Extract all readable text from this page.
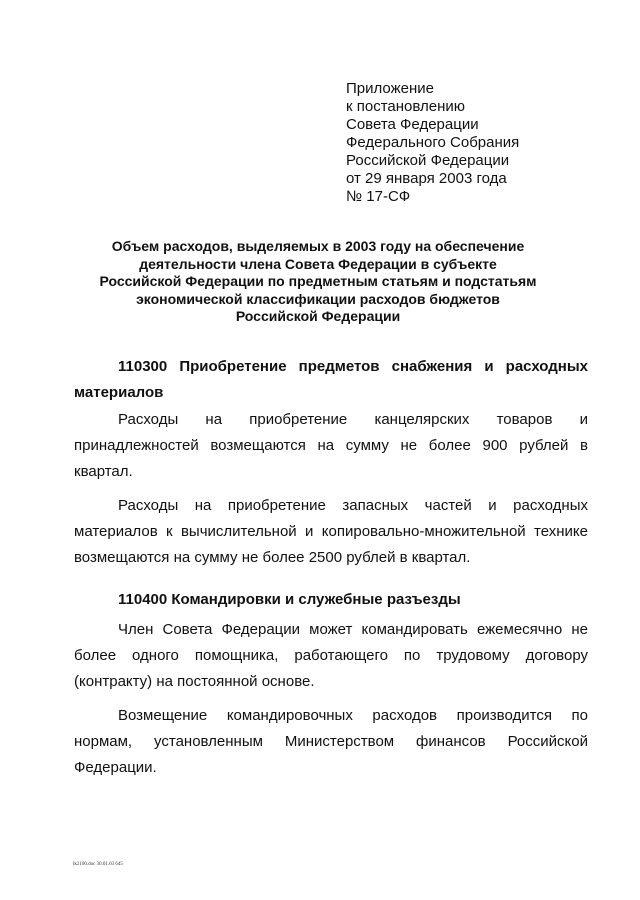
Приложение
к постановлению
Совета Федерации
Федерального Собрания
Российской Федерации
от 29 января 2003 года
№ 17-СФ
Объем расходов, выделяемых в 2003 году на обеспечение
деятельности члена Совета Федерации в субъекте
Российской Федерации по предметным статьям и подстатьям
экономической классификации расходов бюджетов
Российской Федерации

110300 Приобретение предметов снабжения и расходных материалов

Расходы на приобретение канцелярских товаров и принадлежностей возмещаются на сумму не более 900 рублей в квартал.

Расходы на приобретение запасных частей и расходных материалов к вычислительной и копировально-множительной технике возмещаются на сумму не более 2500 рублей в квартал.

110400 Командировки и служебные разъезды

Член Совета Федерации может командировать ежемесячно не более одного помощника, работающего по трудовому договору (контракту) на постоянной основе.

Возмещение командировочных расходов производится по нормам, установленным Министерством финансов Российской Федерации.

lk2100.doc 30.01.03 645
